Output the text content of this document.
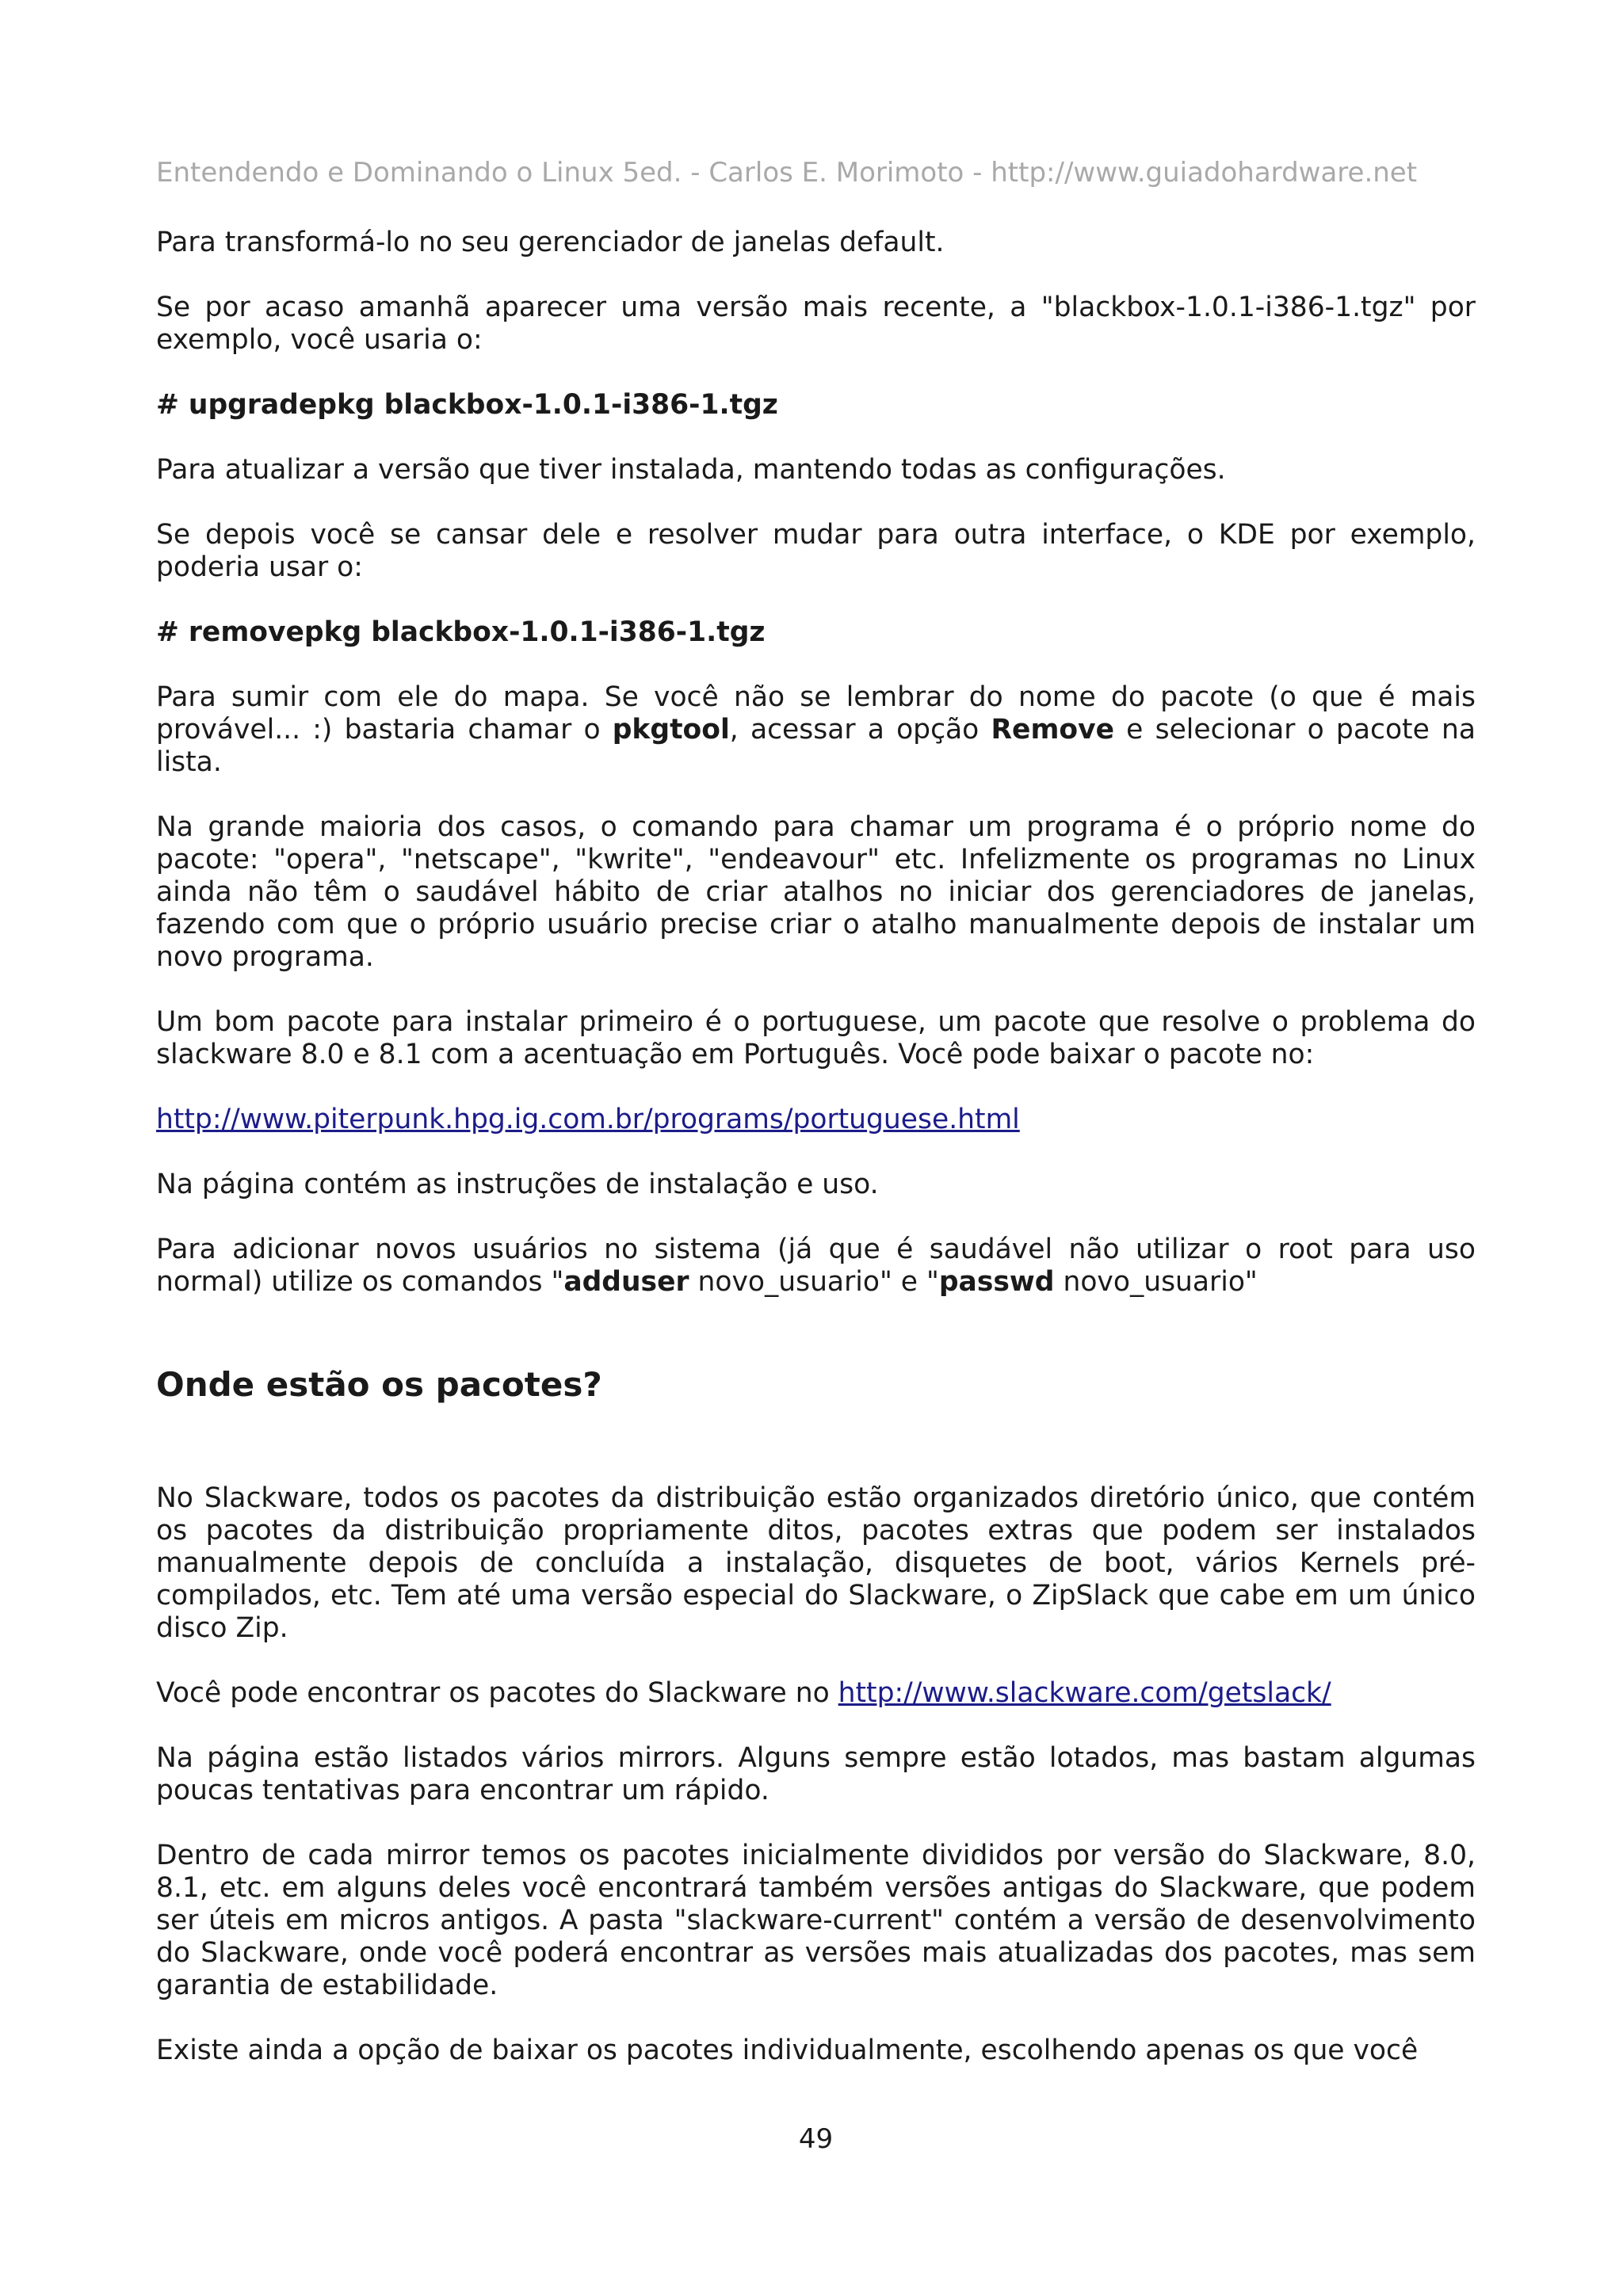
Entendendo e Dominando o Linux 5ed. - Carlos E. Morimoto - http://www.guiadohardware.net

Para transformá-lo no seu gerenciador de janelas default.

Se por acaso amanhã aparecer uma versão mais recente, a "blackbox-1.0.1-i386-1.tgz" por exemplo, você usaria o:

# upgradepkg blackbox-1.0.1-i386-1.tgz

Para atualizar a versão que tiver instalada, mantendo todas as configurações.

Se depois você se cansar dele e resolver mudar para outra interface, o KDE por exemplo, poderia usar o:

# removepkg blackbox-1.0.1-i386-1.tgz

Para sumir com ele do mapa. Se você não se lembrar do nome do pacote (o que é mais provável... :) bastaria chamar o pkgtool, acessar a opção Remove e selecionar o pacote na lista.

Na grande maioria dos casos, o comando para chamar um programa é o próprio nome do pacote: "opera", "netscape", "kwrite", "endeavour" etc. Infelizmente os programas no Linux ainda não têm o saudável hábito de criar atalhos no iniciar dos gerenciadores de janelas, fazendo com que o próprio usuário precise criar o atalho manualmente depois de instalar um novo programa.

Um bom pacote para instalar primeiro é o portuguese, um pacote que resolve o problema do slackware 8.0 e 8.1 com a acentuação em Português. Você pode baixar o pacote no:

http://www.piterpunk.hpg.ig.com.br/programs/portuguese.html

Na página contém as instruções de instalação e uso.

Para adicionar novos usuários no sistema (já que é saudável não utilizar o root para uso normal) utilize os comandos "adduser novo_usuario" e "passwd novo_usuario"

Onde estão os pacotes?

No Slackware, todos os pacotes da distribuição estão organizados diretório único, que contém os pacotes da distribuição propriamente ditos, pacotes extras que podem ser instalados manualmente depois de concluída a instalação, disquetes de boot, vários Kernels pré-compilados, etc. Tem até uma versão especial do Slackware, o ZipSlack que cabe em um único disco Zip.

Você pode encontrar os pacotes do Slackware no http://www.slackware.com/getslack/

Na página estão listados vários mirrors. Alguns sempre estão lotados, mas bastam algumas poucas tentativas para encontrar um rápido.

Dentro de cada mirror temos os pacotes inicialmente divididos por versão do Slackware, 8.0, 8.1, etc. em alguns deles você encontrará também versões antigas do Slackware, que podem ser úteis em micros antigos. A pasta "slackware-current" contém a versão de desenvolvimento do Slackware, onde você poderá encontrar as versões mais atualizadas dos pacotes, mas sem garantia de estabilidade.

Existe ainda a opção de baixar os pacotes individualmente, escolhendo apenas os que você

49
